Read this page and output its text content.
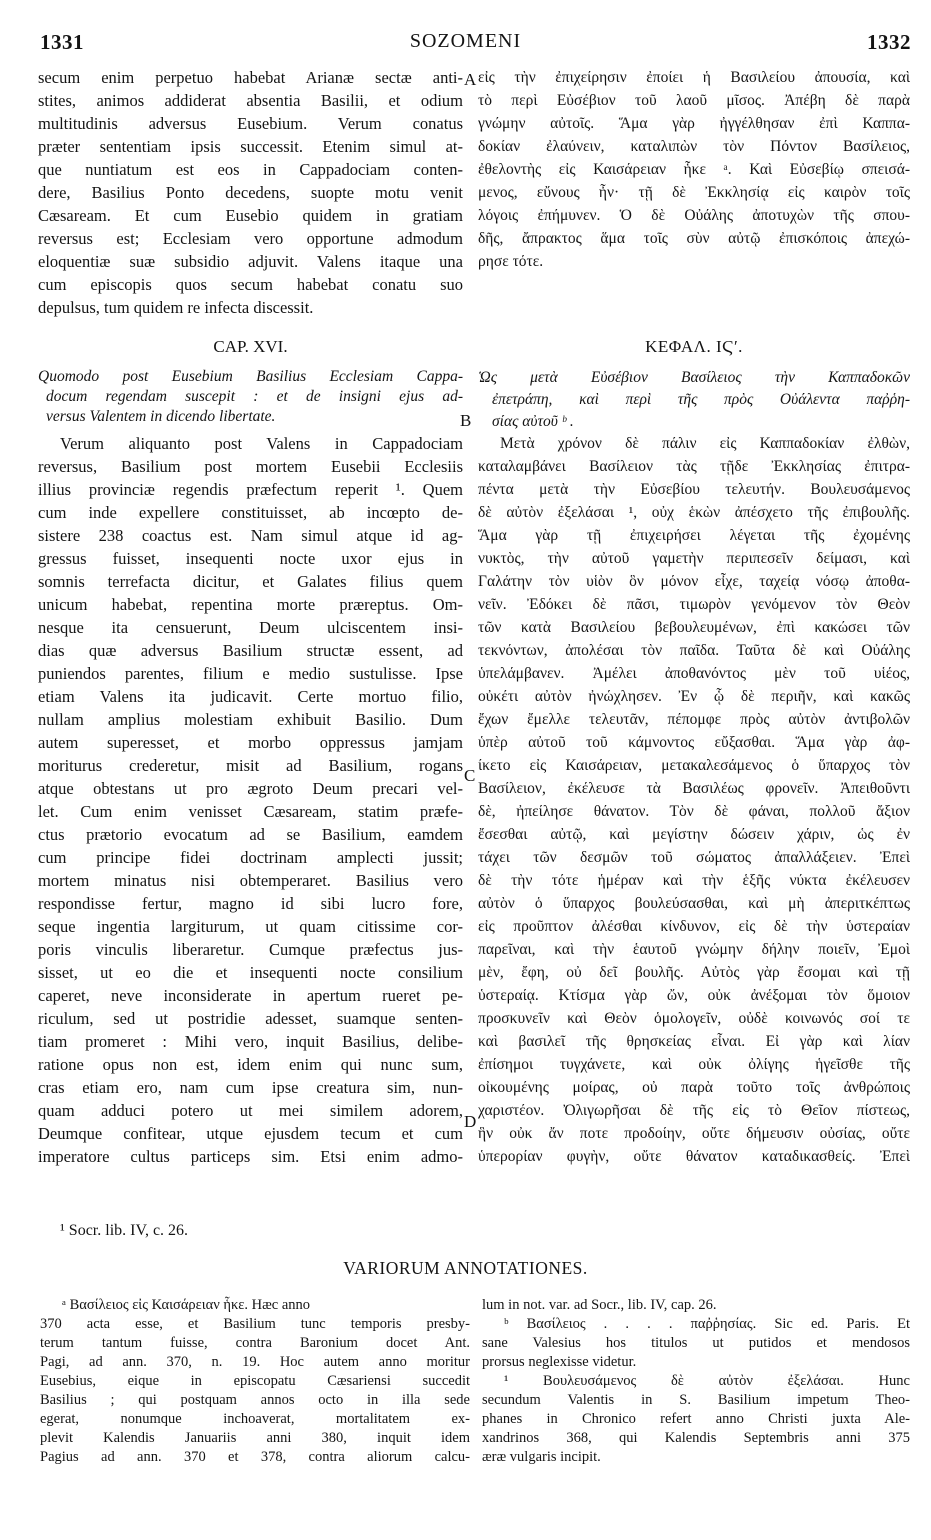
1331	SOZOMENI	1332
A
B
C
D
secum enim perpetuo habebat Arianæ sectæ anti-
stites, animos addiderat absentia Basilii, et odium
multitudinis adversus Eusebium. Verum conatus
præter sententiam ipsis successit. Etenim simul at-
que nuntiatum est eos in Cappadociam conten-
dere, Basilius Ponto decedens, suopte motu venit
Cæsaream. Et cum Eusebio quidem in gratiam
reversus est; Ecclesiam vero opportune admodum
eloquentiæ suæ subsidio adjuvit. Valens itaque una
cum episcopis quos secum habebat conatu suo
depulsus, tum quidem re infecta discessit.
CAP. XVI.
Quomodo post Eusebium Basilius Ecclesiam Cappa-
docum regendam suscepit : et de insigni ejus ad-
versus Valentem in dicendo libertate.
Verum aliquanto post Valens in Cappadociam
reversus, Basilium post mortem Eusebii Ecclesiis
illius provinciæ regendis præfectum reperit ¹. Quem
cum inde expellere constituisset, ab incœpto de-
sistere 238 coactus est. Nam simul atque id ag-
gressus fuisset, insequenti nocte uxor ejus in
somnis terrefacta dicitur, et Galates filius quem
unicum habebat, repentina morte præreptus. Om-
nesque ita censuerunt, Deum ulciscentem insi-
dias quæ adversus Basilium structæ essent, ad
puniendos parentes, filium e medio sustulisse. Ipse
etiam Valens ita judicavit. Certe mortuo filio,
nullam amplius molestiam exhibuit Basilio. Dum
autem superesset, et morbo oppressus jamjam
moriturus crederetur, misit ad Basilium, rogans
atque obtestans ut pro ægroto Deum precari vel-
let. Cum enim venisset Cæsaream, statim præfe-
ctus prætorio evocatum ad se Basilium, eamdem
cum principe fidei doctrinam amplecti jussit;
mortem minatus nisi obtemperaret. Basilius vero
respondisse fertur, magno id sibi lucro fore,
seque ingentia largiturum, ut quam citissime cor-
poris vinculis liberaretur. Cumque præfectus jus-
sisset, ut eo die et insequenti nocte consilium
caperet, neve inconsiderate in apertum rueret pe-
riculum, sed ut postridie adesset, suamque senten-
tiam promeret : Mihi vero, inquit Basilius, delibe-
ratione opus non est, idem enim qui nunc sum,
cras etiam ero, nam cum ipse creatura sim, nun-
quam adduci potero ut mei similem adorem,
Deumque confitear, utque ejusdem tecum et cum
imperatore cultus particeps sim. Etsi enim admo-
εἰς τὴν ἐπιχείρησιν ἐποίει ἡ Βασιλείου ἀπουσία, καὶ
τὸ περὶ Εὐσέβιον τοῦ λαοῦ μῖσος. Ἀπέβη δὲ παρὰ
γνώμην αὐτοῖς. Ἅμα γὰρ ἠγγέλθησαν ἐπὶ Καππα-
δοκίαν ἐλαύνειν, καταλιπὼν τὸν Πόντον Βασίλειος,
ἐθελοντὴς εἰς Καισάρειαν ἧκε ᵃ. Καὶ Εὐσεβίῳ σπεισά-
μενος, εὔνους ἦν· τῇ δὲ Ἐκκλησίᾳ εἰς καιρὸν τοῖς
λόγοις ἐπήμυνεν. Ὁ δὲ Οὐάλης ἀποτυχὼν τῆς σπου-
δῆς, ἄπρακτος ἅμα τοῖς σὺν αὐτῷ ἐπισκόποις ἀπεχώ-
ρησε τότε.
ΚΕΦΑΛ. ΙϚʹ.
Ὡς μετὰ Εὐσέβιον Βασίλειος τὴν Καππαδοκῶν
ἐπετράπη, καὶ περὶ τῆς πρὸς Οὐάλεντα παῤῥη-
σίας αὐτοῦ ᵇ .
Μετὰ χρόνον δὲ πάλιν εἰς Καππαδοκίαν ἐλθὼν,
καταλαμβάνει Βασίλειον τὰς τῇδε Ἐκκλησίας ἐπιτρα-
πέντα μετὰ τὴν Εὐσεβίου τελευτήν. Βουλευσάμενος
δὲ αὐτὸν ἐξελάσαι ¹, οὐχ ἑκὼν ἀπέσχετο τῆς ἐπιβουλῆς.
Ἅμα γὰρ τῇ ἐπιχειρήσει λέγεται τῆς ἐχομένης
νυκτὸς, τὴν αὐτοῦ γαμετὴν περιπεσεῖν δείμασι, καὶ
Γαλάτην τὸν υἱὸν ὃν μόνον εἶχε, ταχείᾳ νόσῳ ἀποθα-
νεῖν. Ἐδόκει δὲ πᾶσι, τιμωρὸν γενόμενον τὸν Θεὸν
τῶν κατὰ Βασιλείου βεβουλευμένων, ἐπὶ κακώσει τῶν
τεκνόντων, ἀπολέσαι τὸν παῖδα. Ταῦτα δὲ καὶ Οὐάλης
ὑπελάμβανεν. Ἀμέλει ἀποθανόντος μὲν τοῦ υἱέος,
οὐκέτι αὐτὸν ἠνώχλησεν. Ἐν ᾧ δὲ περιῆν, καὶ κακῶς
ἔχων ἔμελλε τελευτᾶν, πέπομφε πρὸς αὐτὸν ἀντιβολῶν
ὑπὲρ αὐτοῦ τοῦ κάμνοντος εὔξασθαι. Ἅμα γὰρ ἀφ-
ίκετο εἰς Καισάρειαν, μετακαλεσάμενος ὁ ὕπαρχος τὸν
Βασίλειον, ἐκέλευσε τὰ Βασιλέως φρονεῖν. Ἀπειθοῦντι
δὲ, ἠπείλησε θάνατον. Τὸν δὲ φάναι, πολλοῦ ἄξιον
ἔσεσθαι αὐτῷ, καὶ μεγίστην δώσειν χάριν, ὡς ἐν
τάχει τῶν δεσμῶν τοῦ σώματος ἀπαλλάξειεν. Ἐπεὶ
δὲ τὴν τότε ἡμέραν καὶ τὴν ἑξῆς νύκτα ἐκέλευσεν
αὐτὸν ὁ ὕπαρχος βουλεύσασθαι, καὶ μὴ ἀπεριτκέπτως
εἰς προῦπτον ἀλέσθαι κίνδυνον, εἰς δὲ τὴν ὑστεραίαν
παρεῖναι, καὶ τὴν ἑαυτοῦ γνώμην δήλην ποιεῖν, Ἐμοὶ
μὲν, ἔφη, οὐ δεῖ βουλῆς. Αὐτὸς γὰρ ἔσομαι καὶ τῇ
ὑστεραίᾳ. Κτίσμα γὰρ ὤν, οὐκ ἀνέξομαι τὸν ὅμοιον
προσκυνεῖν καὶ Θεὸν ὁμολογεῖν, οὐδὲ κοινωνός σοί τε
καὶ βασιλεῖ τῆς θρησκείας εἶναι. Εἰ γὰρ καὶ λίαν
ἐπίσημοι τυγχάνετε, καὶ οὐκ ὀλίγης ἡγεῖσθε τῆς
οἰκουμένης μοίρας, οὐ παρὰ τοῦτο τοῖς ἀνθρώποις
χαριστέον. Ὀλιγωρῆσαι δὲ τῆς εἰς τὸ Θεῖον πίστεως,
ἣν οὐκ ἄν ποτε προδοίην, οὔτε δήμευσιν οὐσίας, οὔτε
ὑπερορίαν φυγὴν, οὔτε θάνατον καταδικασθείς. Ἐπεὶ
¹ Socr. lib. IV, c. 26.
VARIORUM ANNOTATIONES.
ᵃ Βασίλειος εἰς Καισάρειαν ἧκε. Hæc anno
370 acta esse, et Basilium tunc temporis presby-
terum tantum fuisse, contra Baronium docet Ant.
Pagi, ad ann. 370, n. 19. Hoc autem anno moritur
Eusebius, eique in episcopatu Cæsariensi succedit
Basilius ; qui postquam annos octo in illa sede
egerat, nonumque inchoaverat, mortalitatem ex-
plevit Kalendis Januariis anni 380, inquit idem
Pagius ad ann. 370 et 378, contra aliorum calcu-
lum in not. var. ad Socr., lib. IV, cap. 26.
ᵇ Βασίλειος . . . . παῤῥησίας. Sic ed. Paris. Et
sane Valesius hos titulos ut putidos et mendosos
prorsus neglexisse videtur.
¹ Βουλευσάμενος δὲ αὐτὸν ἐξελάσαι. Hunc
secundum Valentis in S. Basilium impetum Theo-
phanes in Chronico refert anno Christi juxta Ale-
xandrinos 368, qui Kalendis Septembris anni 375
æræ vulgaris incipit.
